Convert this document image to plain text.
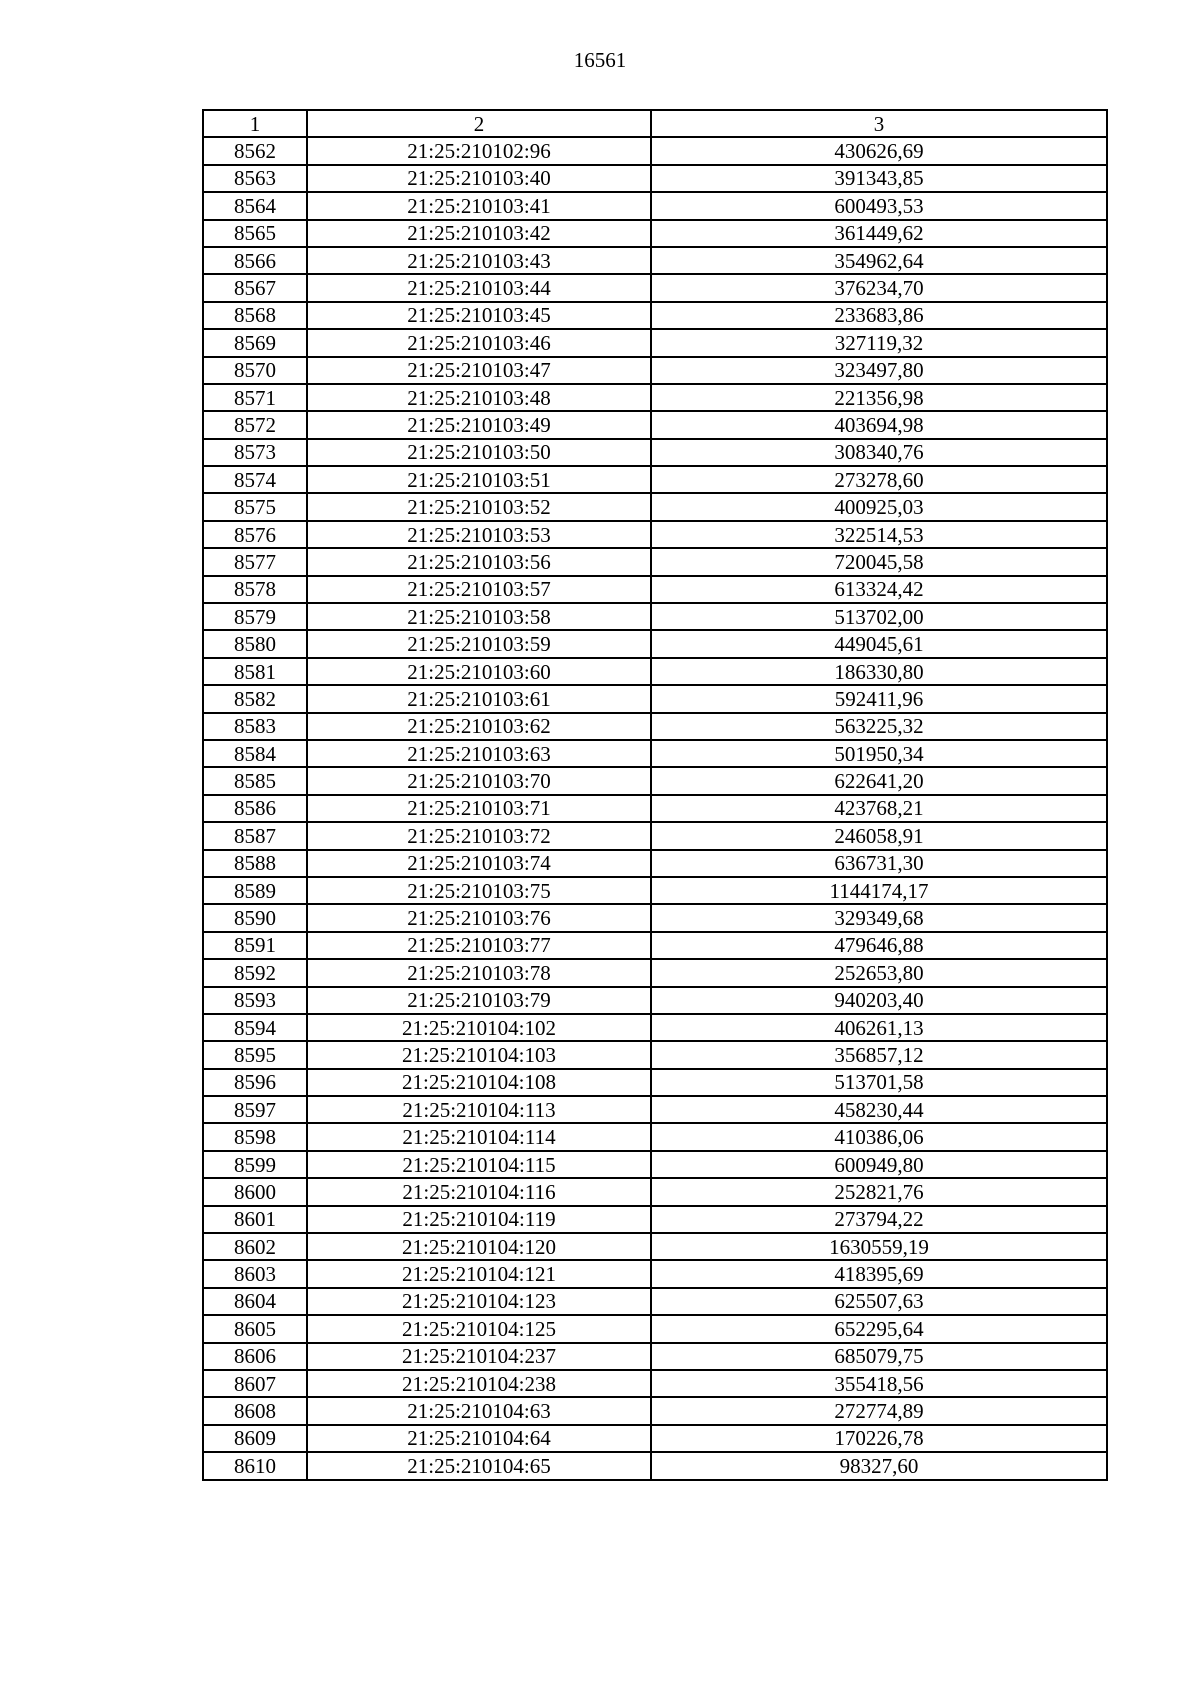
16561
1	2	3
8562	21:25:210102:96	430626,69
8563	21:25:210103:40	391343,85
8564	21:25:210103:41	600493,53
8565	21:25:210103:42	361449,62
8566	21:25:210103:43	354962,64
8567	21:25:210103:44	376234,70
8568	21:25:210103:45	233683,86
8569	21:25:210103:46	327119,32
8570	21:25:210103:47	323497,80
8571	21:25:210103:48	221356,98
8572	21:25:210103:49	403694,98
8573	21:25:210103:50	308340,76
8574	21:25:210103:51	273278,60
8575	21:25:210103:52	400925,03
8576	21:25:210103:53	322514,53
8577	21:25:210103:56	720045,58
8578	21:25:210103:57	613324,42
8579	21:25:210103:58	513702,00
8580	21:25:210103:59	449045,61
8581	21:25:210103:60	186330,80
8582	21:25:210103:61	592411,96
8583	21:25:210103:62	563225,32
8584	21:25:210103:63	501950,34
8585	21:25:210103:70	622641,20
8586	21:25:210103:71	423768,21
8587	21:25:210103:72	246058,91
8588	21:25:210103:74	636731,30
8589	21:25:210103:75	1144174,17
8590	21:25:210103:76	329349,68
8591	21:25:210103:77	479646,88
8592	21:25:210103:78	252653,80
8593	21:25:210103:79	940203,40
8594	21:25:210104:102	406261,13
8595	21:25:210104:103	356857,12
8596	21:25:210104:108	513701,58
8597	21:25:210104:113	458230,44
8598	21:25:210104:114	410386,06
8599	21:25:210104:115	600949,80
8600	21:25:210104:116	252821,76
8601	21:25:210104:119	273794,22
8602	21:25:210104:120	1630559,19
8603	21:25:210104:121	418395,69
8604	21:25:210104:123	625507,63
8605	21:25:210104:125	652295,64
8606	21:25:210104:237	685079,75
8607	21:25:210104:238	355418,56
8608	21:25:210104:63	272774,89
8609	21:25:210104:64	170226,78
8610	21:25:210104:65	98327,60
